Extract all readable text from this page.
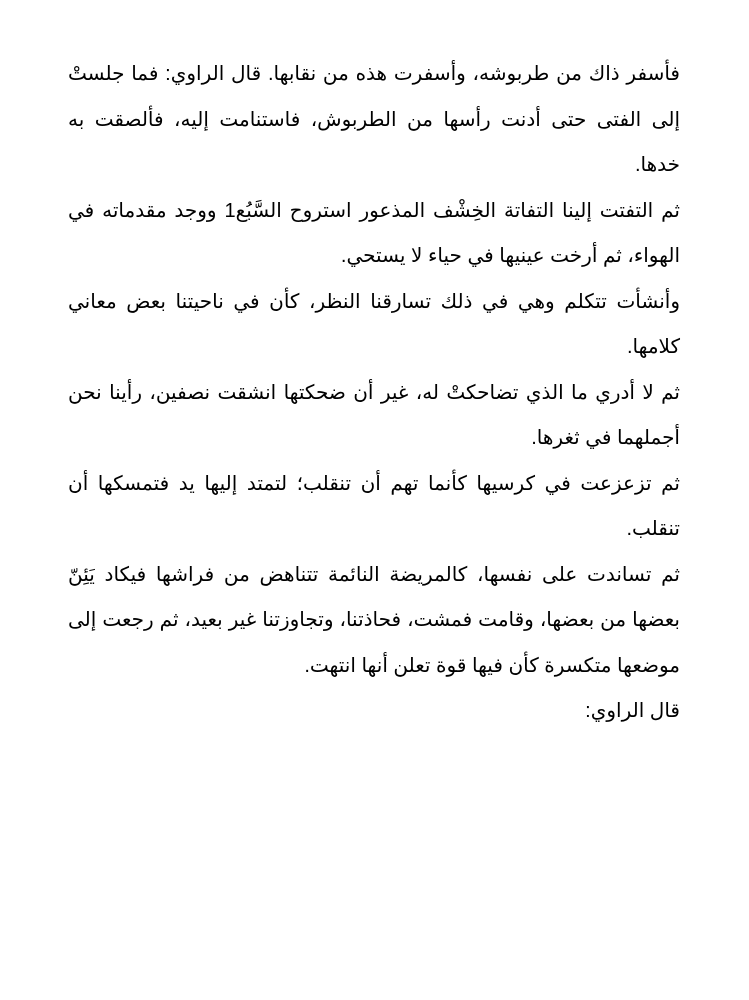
فأسفر ذاك من طربوشه، وأسفرت هذه من نقابها. قال الراوي: فما جلستْ إلى الفتى حتى أدنت رأسها من الطربوش، فاستنامت إليه، فألصقت به خدها.

ثم التفتت إلينا التفاتة الخِشْف المذعور استروح السَّبُع1 ووجد مقدماته في الهواء، ثم أرخت عينيها في حياء لا يستحي.

وأنشأت تتكلم وهي في ذلك تسارقنا النظر، كأن في ناحيتنا بعض معاني كلامها.

ثم لا أدري ما الذي تضاحكتْ له، غير أن ضحكتها انشقت نصفين، رأينا نحن أجملهما في ثغرها.

ثم تزعزعت في كرسيها كأنما تهم أن تنقلب؛ لتمتد إليها يد فتمسكها أن تنقلب.

ثم تساندت على نفسها، كالمريضة النائمة تتناهض من فراشها فيكاد يَئِنّ بعضها من بعضها، وقامت فمشت، فحاذتنا، وتجاوزتنا غير بعيد، ثم رجعت إلى موضعها متكسرة كأن فيها قوة تعلن أنها انتهت.

قال الراوي:
